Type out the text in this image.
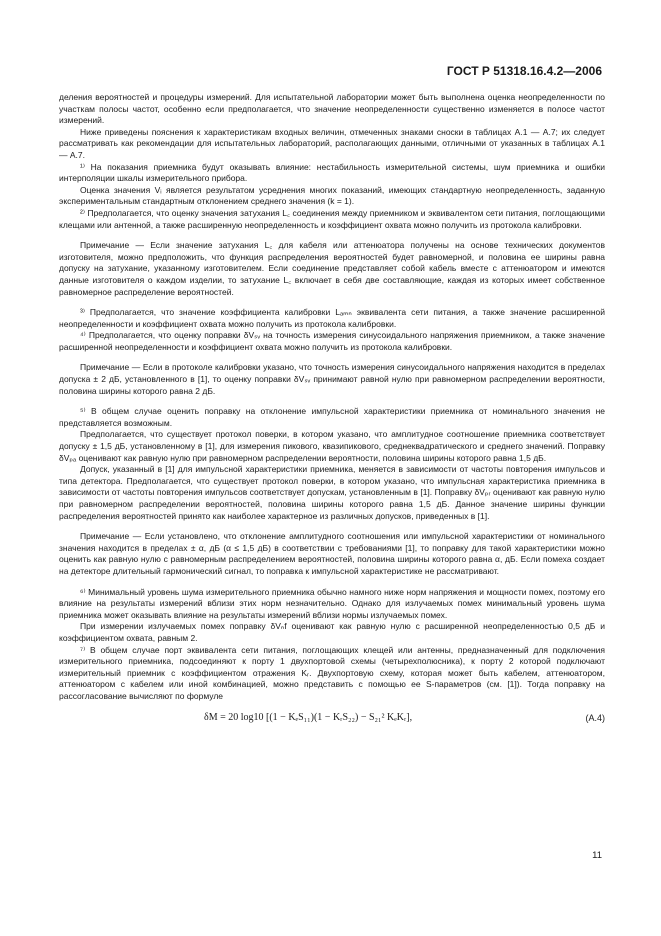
ГОСТ Р 51318.16.4.2—2006

деления вероятностей и процедуры измерений. Для испытательной лаборатории может быть выполнена оценка неопределенности по участкам полосы частот, особенно если предполагается, что значение неопределенности существенно изменяется в полосе частот измерений.

Ниже приведены пояснения к характеристикам входных величин, отмеченных знаками сноски в таблицах А.1 — А.7; их следует рассматривать как рекомендации для испытательных лабораторий, располагающих данными, отличными от указанных в таблицах А.1 — А.7.

¹⁾ На показания приемника будут оказывать влияние: нестабильность измерительной системы, шум приемника и ошибки интерполяции шкалы измерительного прибора.

Оценка значения Vᵢ является результатом усреднения многих показаний, имеющих стандартную неопределенность, заданную экспериментальным стандартным отклонением среднего значения (k = 1).

²⁾ Предполагается, что оценку значения затухания L꜀ соединения между приемником и эквивалентом сети питания, поглощающими клещами или антенной, а также расширенную неопределенность и коэффициент охвата можно получить из протокола калибровки.

Примечание — Если значение затухания L꜀ для кабеля или аттенюатора получены на основе технических документов изготовителя, можно предположить, что функция распределения вероятностей будет равномерной, и половина ее ширины равна допуску на затухание, указанному изготовителем. Если соединение представляет собой кабель вместе с аттенюатором и имеются данные изготовителя о каждом изделии, то затухание L꜀ включает в себя две составляющие, каждая из которых имеет собственное равномерное распределение вероятностей.

³⁾ Предполагается, что значение коэффициента калибровки Lₐₘₙ эквивалента сети питания, а также значение расширенной неопределенности и коэффициент охвата можно получить из протокола калибровки.

⁴⁾ Предполагается, что оценку поправки δVₛᵥ на точность измерения синусоидального напряжения приемником, а также значение расширенной неопределенности и коэффициент охвата можно получить из протокола калибровки.

Примечание — Если в протоколе калибровки указано, что точность измерения синусоидального напряжения находится в пределах допуска ± 2 дБ, установленного в [1], то оценку поправки δVₛᵥ принимают равной нулю при равномерном распределении вероятности, половина ширины которого равна 2 дБ.

⁵⁾ В общем случае оценить поправку на отклонение импульсной характеристики приемника от номинального значения не представляется возможным.

Предполагается, что существует протокол поверки, в котором указано, что амплитудное соотношение приемника соответствует допуску ± 1,5 дБ, установленному в [1], для измерения пикового, квазипикового, среднеквадратического и среднего значений. Поправку δVₚₐ оценивают как равную нулю при равномерном распределении вероятности, половина ширины которого равна 1,5 дБ.

Допуск, указанный в [1] для импульсной характеристики приемника, меняется в зависимости от частоты повторения импульсов и типа детектора. Предполагается, что существует протокол поверки, в котором указано, что импульсная характеристика приемника в зависимости от частоты повторения импульсов соответствует допускам, установленным в [1]. Поправку δVₚᵣ оценивают как равную нулю при равномерном распределении вероятностей, половина ширины которого равна 1,5 дБ. Данное значение ширины функции распределения вероятностей принято как наиболее характерное из различных допусков, приведенных в [1].

Примечание — Если установлено, что отклонение амплитудного соотношения или импульсной характеристики от номинального значения находится в пределах ± α, дБ (α ≤ 1,5 дБ) в соответствии с требованиями [1], то поправку для такой характеристики можно оценить как равную нулю с равномерным распределением вероятностей, половина ширины которого равна α, дБ. Если помеха создает на детекторе длительный гармонический сигнал, то поправка к импульсной характеристике не рассматривают.

⁶⁾ Минимальный уровень шума измерительного приемника обычно намного ниже норм напряжения и мощности помех, поэтому его влияние на результаты измерений вблизи этих норм незначительно. Однако для излучаемых помех минимальный уровень шума приемника может оказывать влияние на результаты измерений вблизи нормы излучаемых помех.

При измерении излучаемых помех поправку δVₙf оценивают как равную нулю с расширенной неопределенностью 0,5 дБ и коэффициентом охвата, равным 2.

⁷⁾ В общем случае порт эквивалента сети питания, поглощающих клещей или антенны, предназначенный для подключения измерительного приемника, подсоединяют к порту 1 двухпортовой схемы (четырехполюсника), к порту 2 которой подключают измерительный приемник с коэффициентом отражения Kᵣ. Двухпортовую схему, которая может быть кабелем, аттенюатором, аттенюатором с кабелем или иной комбинацией, можно представить с помощью ее S-параметров (см. [1]). Тогда поправку на рассогласование вычисляют по формуле

δM = 20 log10 [(1 − KₑS₁₁)(1 − KᵣS₂₂) − S₂₁² KₑKᵣ],	(А.4)
11
